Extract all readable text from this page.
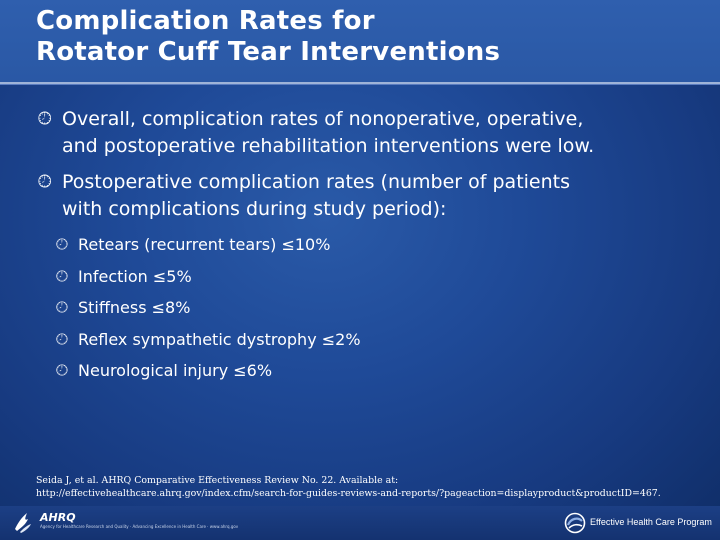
Complication Rates for
Rotator Cuff Tear Interventions
🕗︎ Overall, complication rates of nonoperative, operative,
and postoperative rehabilitation interventions were low.
🕗︎ Postoperative complication rates (number of patients
with complications during study period):
🕗︎ Retears (recurrent tears) ≤10%
🕗︎ Infection ≤5%
🕗︎ Stiffness ≤8%
🕗︎ Reflex sympathetic dystrophy ≤2%
🕗︎ Neurological injury ≤6%
Seida J, et al. AHRQ Comparative Effectiveness Review No. 22. Available at:
http://effectivehealthcare.ahrq.gov/index.cfm/search-for-guides-reviews-and-reports/?pageaction=displayproduct&productID=467.
AHRQ
Agency for Healthcare Research and Quality · Advancing Excellence in Health Care · www.ahrq.gov	Effective Health Care Program
